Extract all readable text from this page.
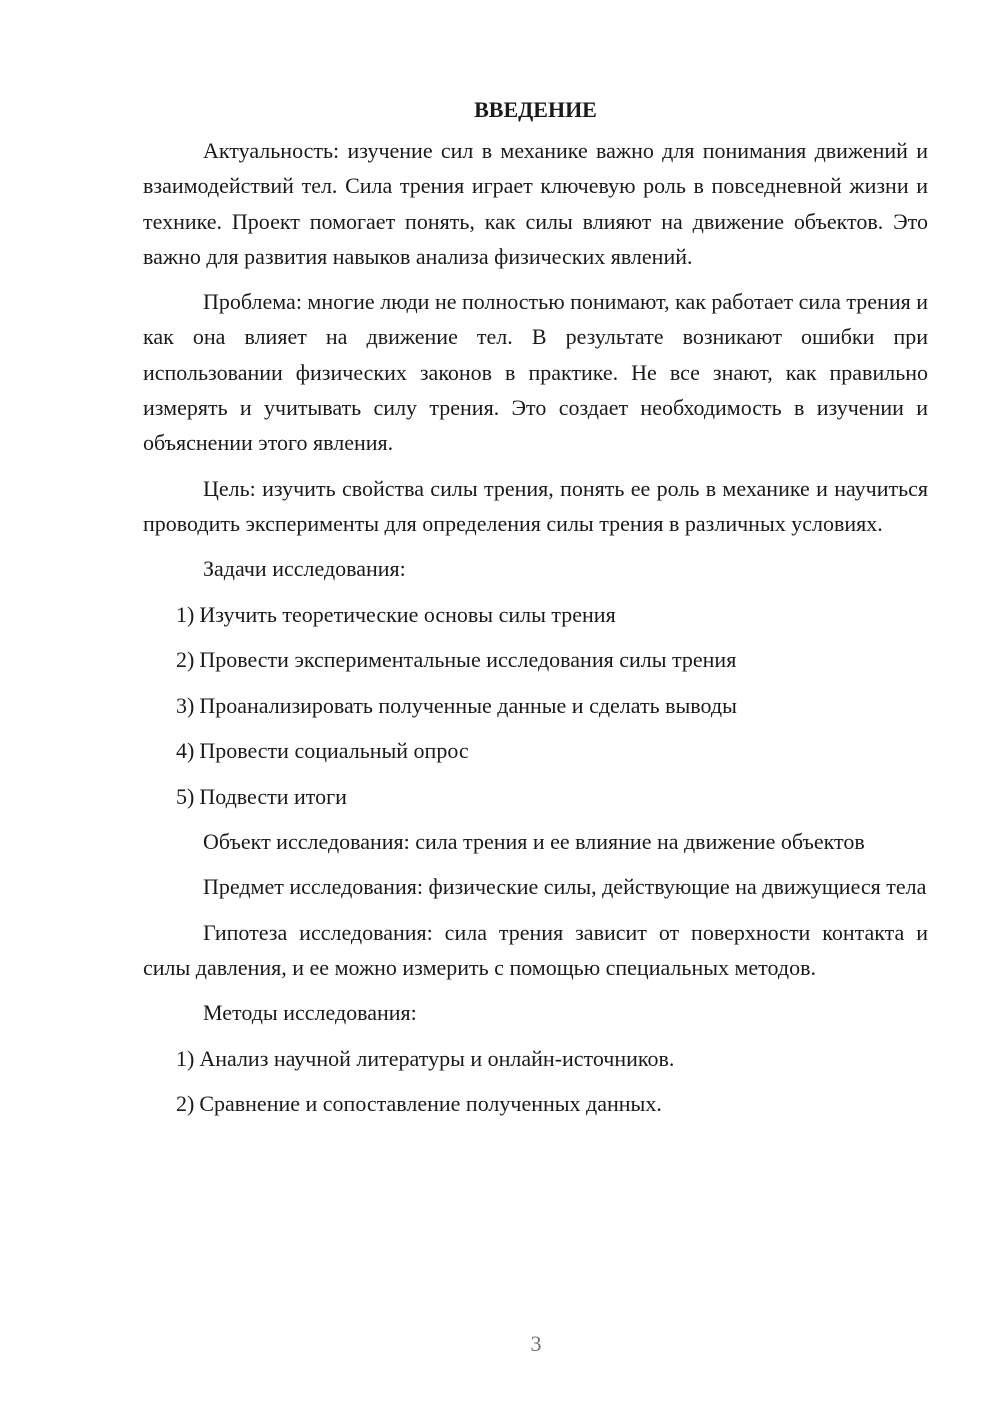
ВВЕДЕНИЕ

Актуальность: изучение сил в механике важно для понимания движений и взаимодействий тел. Сила трения играет ключевую роль в повседневной жизни и технике. Проект помогает понять, как силы влияют на движение объектов. Это важно для развития навыков анализа физических явлений.

Проблема: многие люди не полностью понимают, как работает сила трения и как она влияет на движение тел. В результате возникают ошибки при использовании физических законов в практике. Не все знают, как правильно измерять и учитывать силу трения. Это создает необходимость в изучении и объяснении этого явления.

Цель: изучить свойства силы трения, понять ее роль в механике и научиться проводить эксперименты для определения силы трения в различных условиях.

Задачи исследования:

1) Изучить теоретические основы силы трения
2) Провести экспериментальные исследования силы трения
3) Проанализировать полученные данные и сделать выводы
4) Провести социальный опрос
5) Подвести итоги

Объект исследования: сила трения и ее влияние на движение объектов

Предмет исследования: физические силы, действующие на движущиеся тела

Гипотеза исследования: сила трения зависит от поверхности контакта и силы давления, и ее можно измерить с помощью специальных методов.

Методы исследования:

1) Анализ научной литературы и онлайн-источников.
2) Сравнение и сопоставление полученных данных.
3
